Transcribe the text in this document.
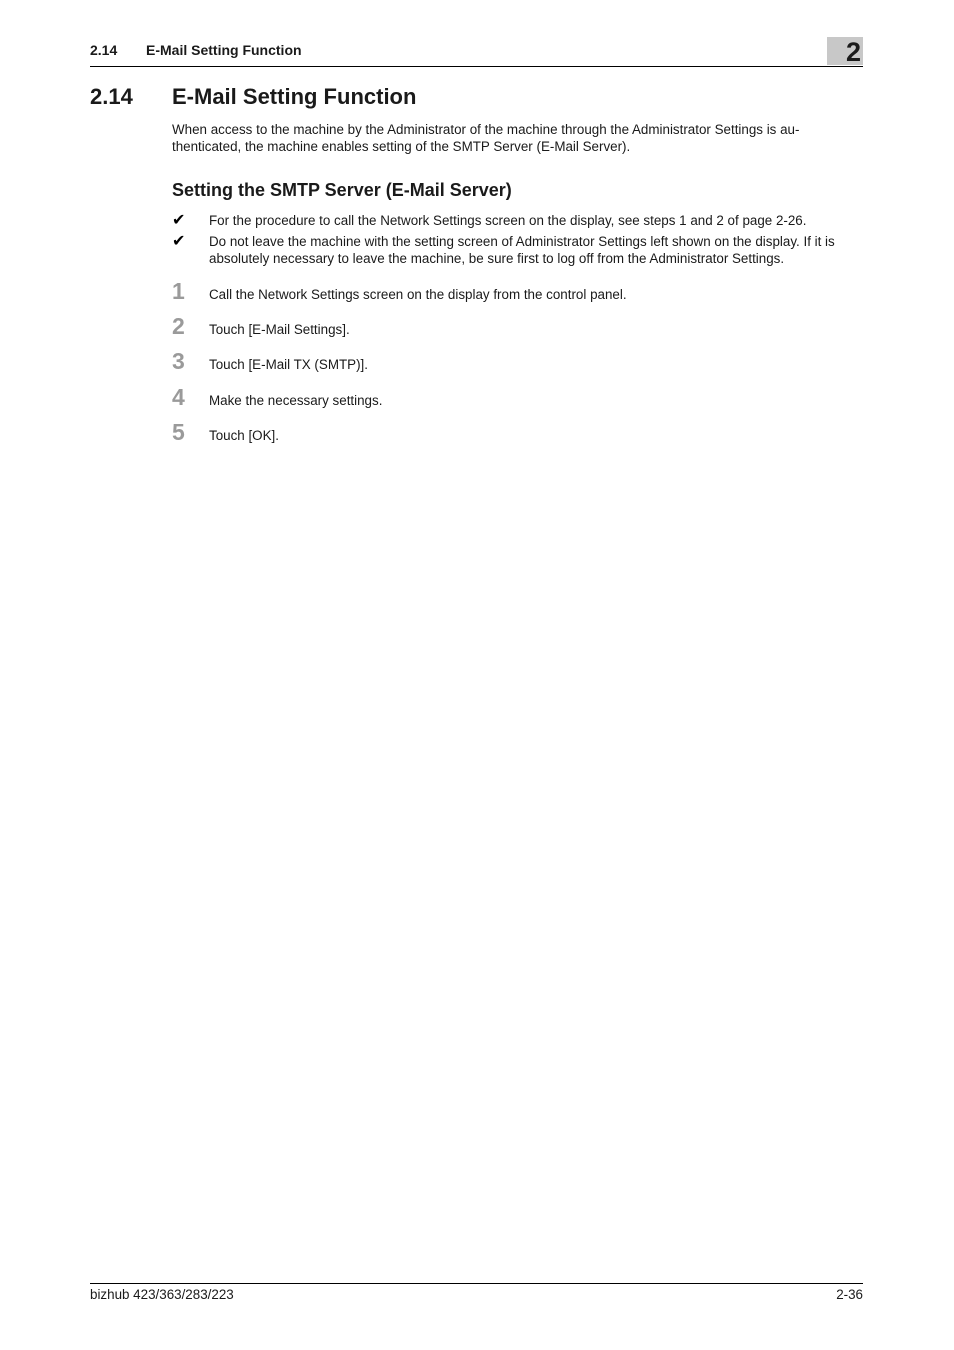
2.14 E-Mail Setting Function	2
2.14 E-Mail Setting Function

When access to the machine by the Administrator of the machine through the Administrator Settings is au-thenticated, the machine enables setting of the SMTP Server (E-Mail Server).

Setting the SMTP Server (E-Mail Server)
✔	For the procedure to call the Network Settings screen on the display, see steps 1 and 2 of page 2-26.
✔	Do not leave the machine with the setting screen of Administrator Settings left shown on the display. If it is absolutely necessary to leave the machine, be sure first to log off from the Administrator Settings.
1 Call the Network Settings screen on the display from the control panel.
2 Touch [E-Mail Settings].
3 Touch [E-Mail TX (SMTP)].
4 Make the necessary settings.
5 Touch [OK].
bizhub 423/363/283/223	2-36
